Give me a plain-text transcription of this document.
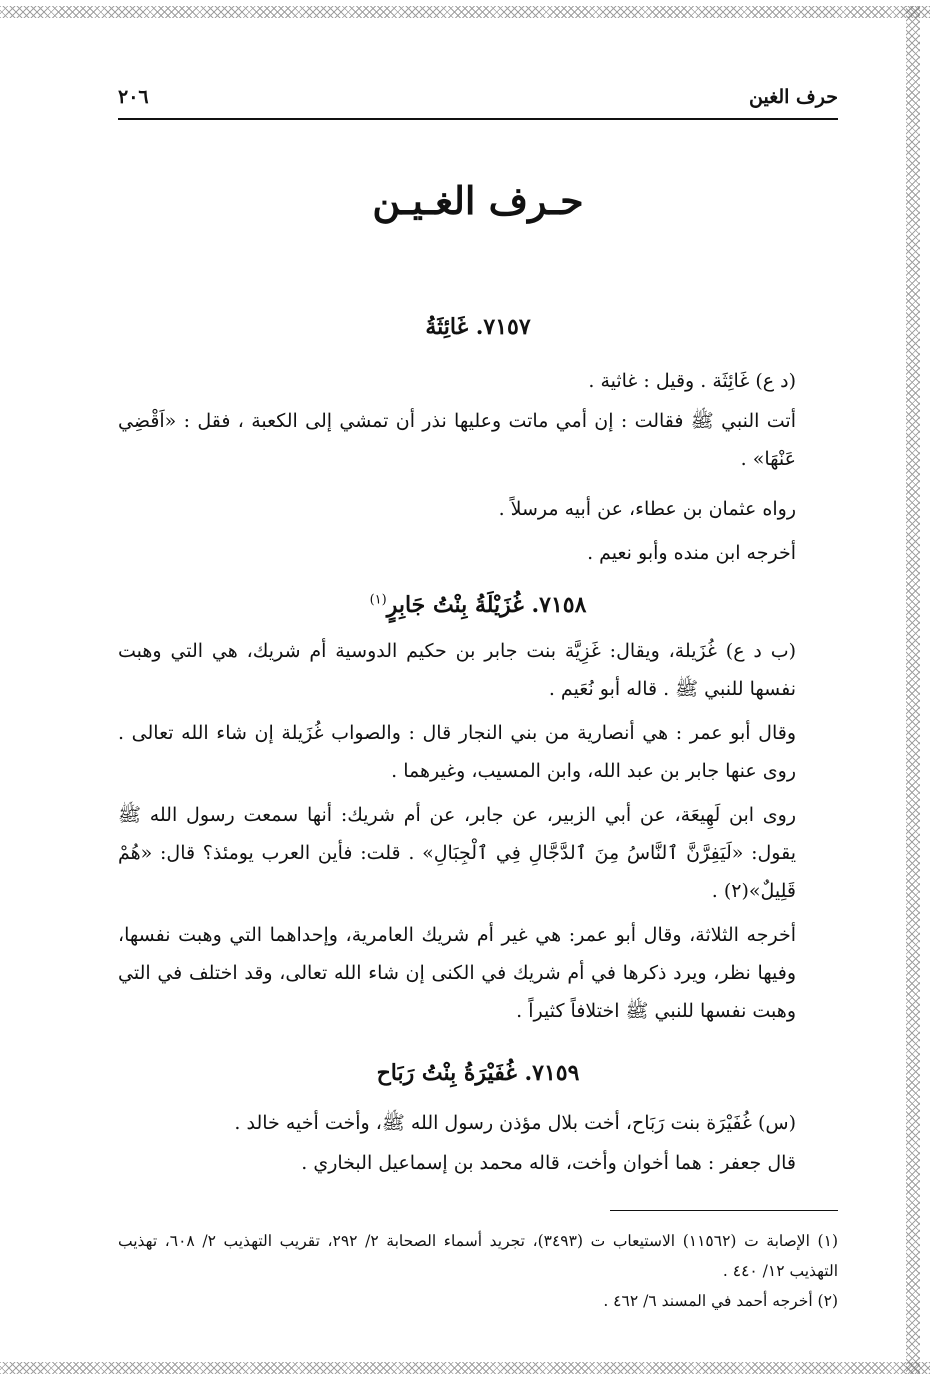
حرف الغين
٢٠٦
حـرف الغـيـن
٧١٥٧. غَائِثَةُ

(د ع) غَائِثَة . وقيل : غاثية .

أتت النبي ﷺ فقالت : إن أمي ماتت وعليها نذر أن تمشي إلى الكعبة ، فقل : «اَقْضِي عَنْهَا» .

رواه عثمان بن عطاء، عن أبيه مرسلاً .

أخرجه ابن منده وأبو نعيم .

٧١٥٨. غُزَيْلَةُ بِنْتُ جَابِرٍ$^{(١)}$

(ب د ع) غُزَيلة، ويقال: غَزِيَّة بنت جابر بن حكيم الدوسية أم شريك، هي التي وهبت نفسها للنبي ﷺ . قاله أبو نُعَيم .

وقال أبو عمر : هي أنصارية من بني النجار قال : والصواب غُزَيلة إن شاء الله تعالى . روى عنها جابر بن عبد الله، وابن المسيب، وغيرهما .

روى ابن لَهِيعَة، عن أبي الزبير، عن جابر، عن أم شريك: أنها سمعت رسول الله ﷺ يقول: «لَيَفِرَّنَّ ٱلنَّاسُ مِنَ ٱلدَّجَّالِ فِي ٱلْجِبَالِ» . قلت: فأين العرب يومئذ؟ قال: «هُمْ قَلِيلٌ»(٢) .

أخرجه الثلاثة، وقال أبو عمر: هي غير أم شريك العامرية، وإحداهما التي وهبت نفسها، وفيها نظر، ويرد ذكرها في أم شريك في الكنى إن شاء الله تعالى، وقد اختلف في التي وهبت نفسها للنبي ﷺ اختلافاً كثيراً .

٧١٥٩. غُفَيْرَةُ بِنْتُ رَبَاح

(س) غُفَيْرَة بنت رَبَاح، أخت بلال مؤذن رسول الله ﷺ، وأخت أخيه خالد .

قال جعفر : هما أخوان وأخت، قاله محمد بن إسماعيل البخاري .

(١) الإصابة ت (١١٥٦٢) الاستيعاب ت (٣٤٩٣)، تجريد أسماء الصحابة ٢/ ٢٩٢، تقريب التهذيب ٢/ ٦٠٨، تهذيب التهذيب ١٢/ ٤٤٠ .

(٢) أخرجه أحمد في المسند ٦/ ٤٦٢ .
